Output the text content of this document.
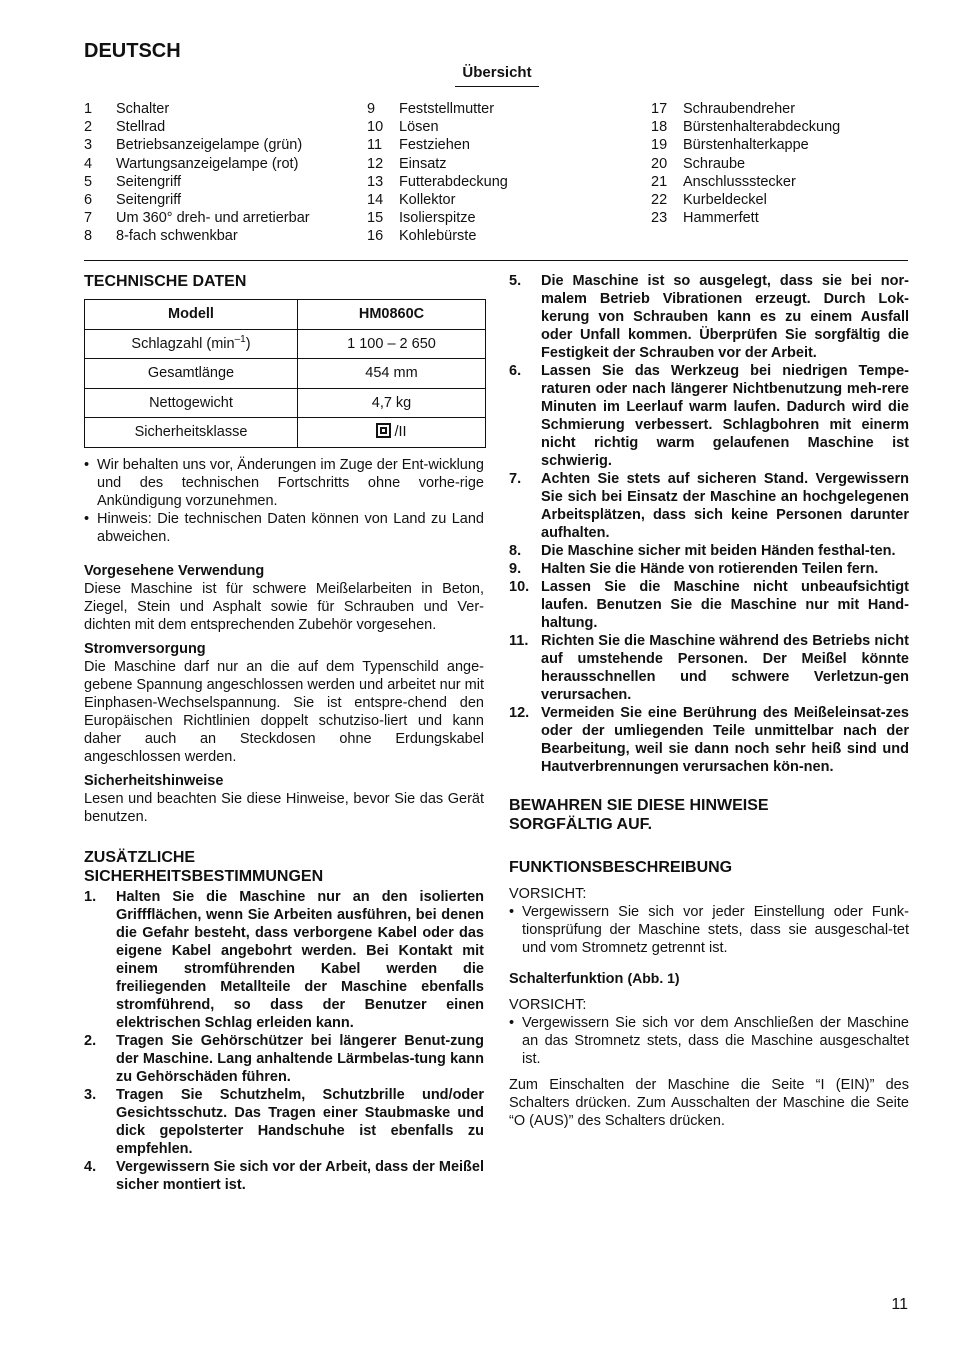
DEUTSCH
Übersicht
1	Schalter
2	Stellrad
3	Betriebsanzeigelampe (grün)
4	Wartungsanzeigelampe (rot)
5	Seitengriff
6	Seitengriff
7	Um 360° dreh- und arretierbar
8	8-fach schwenkbar
9	Feststellmutter
10	Lösen
11	Festziehen
12	Einsatz
13	Futterabdeckung
14	Kollektor
15	Isolierspitze
16	Kohlebürste
17	Schraubendreher
18	Bürstenhalterabdeckung
19	Bürstenhalterkappe
20	Schraube
21	Anschlussstecker
22	Kurbeldeckel
23	Hammerfett
TECHNISCHE DATEN
Modell	HM0860C
Schlagzahl $(\min^{-1})$	1 100 – 2 650
Gesamtlänge	454 mm
Nettogewicht	4,7 kg
Sicherheitsklasse	/II
• Wir behalten uns vor, Änderungen im Zuge der Ent-wicklung und des technischen Fortschritts ohne vorhe-rige Ankündigung vorzunehmen.
• Hinweis: Die technischen Daten können von Land zu Land abweichen.
Vorgesehene Verwendung

Diese Maschine ist für schwere Meißelarbeiten in Beton, Ziegel, Stein und Asphalt sowie für Schrauben und Ver-dichten mit dem entsprechenden Zubehör vorgesehen.

Stromversorgung

Die Maschine darf nur an die auf dem Typenschild ange-gebene Spannung angeschlossen werden und arbeitet nur mit Einphasen-Wechselspannung. Sie ist entspre-chend den Europäischen Richtlinien doppelt schutziso-liert und kann daher auch an Steckdosen ohne Erdungskabel angeschlossen werden.

Sicherheitshinweise

Lesen und beachten Sie diese Hinweise, bevor Sie das Gerät benutzen.

ZUSÄTZLICHE
SICHERHEITSBESTIMMUNGEN
1.	Halten Sie die Maschine nur an den isolierten Griffflächen, wenn Sie Arbeiten ausführen, bei denen die Gefahr besteht, dass verborgene Kabel oder das eigene Kabel angebohrt werden. Bei Kontakt mit einem stromführenden Kabel werden die freiliegenden Metallteile der Maschine ebenfalls stromführend, so dass der Benutzer einen elektrischen Schlag erleiden kann.
2.	Tragen Sie Gehörschützer bei längerer Benut-zung der Maschine. Lang anhaltende Lärmbelas-tung kann zu Gehörschäden führen.
3.	Tragen Sie Schutzhelm, Schutzbrille und/oder Gesichtsschutz. Das Tragen einer Staubmaske und dick gepolsterter Handschuhe ist ebenfalls zu empfehlen.
4.	Vergewissern Sie sich vor der Arbeit, dass der Meißel sicher montiert ist.
5.	Die Maschine ist so ausgelegt, dass sie bei nor-malem Betrieb Vibrationen erzeugt. Durch Lok-kerung von Schrauben kann es zu einem Ausfall oder Unfall kommen. Überprüfen Sie sorgfältig die Festigkeit der Schrauben vor der Arbeit.
6.	Lassen Sie das Werkzeug bei niedrigen Tempe-raturen oder nach längerer Nichtbenutzung meh-rere Minuten im Leerlauf warm laufen. Dadurch wird die Schmierung verbessert. Schlagbohren mit einerm nicht richtig warm gelaufenen Maschine ist schwierig.
7.	Achten Sie stets auf sicheren Stand. Vergewissern Sie sich bei Einsatz der Maschine an hochgelegenen Arbeitsplätzen, dass sich keine Personen darunter aufhalten.
8.	Die Maschine sicher mit beiden Händen festhal-ten.
9.	Halten Sie die Hände von rotierenden Teilen fern.
10. Lassen Sie die Maschine nicht unbeaufsichtigt laufen. Benutzen Sie die Maschine nur mit Hand-haltung.
11. Richten Sie die Maschine während des Betriebs nicht auf umstehende Personen. Der Meißel könnte herausschnellen und schwere Verletzun-gen verursachen.
12. Vermeiden Sie eine Berührung des Meißeleinsat-zes oder der umliegenden Teile unmittelbar nach der Bearbeitung, weil sie dann noch sehr heiß sind und Hautverbrennungen verursachen kön-nen.
BEWAHREN SIE DIESE HINWEISE
SORGFÄLTIG AUF.
FUNKTIONSBESCHREIBUNG
VORSICHT:
• Vergewissern Sie sich vor jeder Einstellung oder Funk-tionsprüfung der Maschine stets, dass sie ausgeschal-tet und vom Stromnetz getrennt ist.
Schalterfunktion (Abb. 1)
VORSICHT:
• Vergewissern Sie sich vor dem Anschließen der Maschine an das Stromnetz stets, dass die Maschine ausgeschaltet ist.

Zum Einschalten der Maschine die Seite “I (EIN)” des Schalters drücken. Zum Ausschalten der Maschine die Seite “O (AUS)” des Schalters drücken.

11
